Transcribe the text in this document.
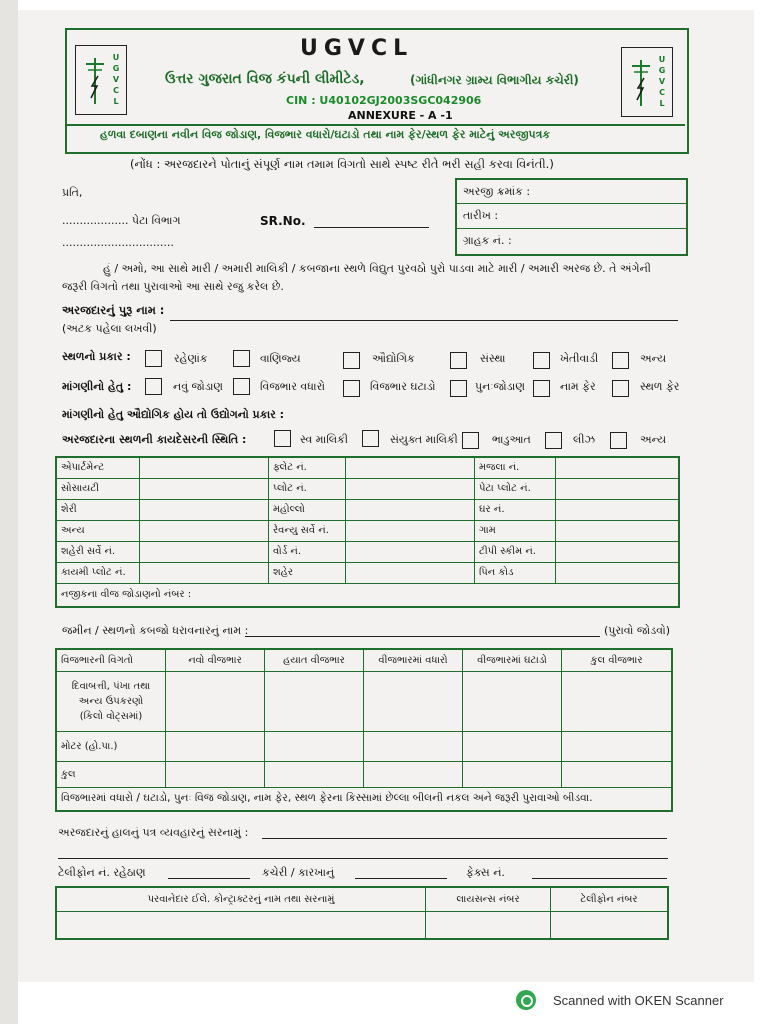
U
G
V
C
L
U
G
V
C
L
UGVCL
ઉત્તર ગુજરાત વિજ કંપની લીમીટેડ,	(ગાંધીનગર ગ્રામ્ય વિભાગીય કચેરી)
CIN : U40102GJ2003SGC042906
ANNEXURE - A -1
હળવા દબાણના નવીન વિજ જોડાણ, વિજભાર વધારો/ઘટાડો તથા નામ ફેર/સ્થળ ફેર માટેનું અરજીપત્રક
(નોંધ : અરજદારને પોતાનું સંપૂર્ણ નામ તમામ વિગતો સાથે સ્પષ્ટ રીતે ભરી સહી કરવા વિનંતી.)
પ્રતિ,
................... પેટા વિભાગ	SR.No.
................................
અરજી ક્રમાંક :
તારીખ :
ગ્રાહક નં. :
હું / અમો, આ સાથે મારી / અમારી માલિકી / કબજાના સ્થળે વિદ્યુત પુરવઠો પુરો પાડવા માટે મારી / અમારી અરજ છે. તે અંગેની
જરૂરી વિગતો તથા પુરાવાઓ આ સાથે રજુ કરેલ છે.
અરજદારનું પુરૂ નામ :
(અટક પહેલા લખવી)
સ્થળનો પ્રકાર :	રહેણાંક	વાણિજ્ય	ઔદ્યોગિક	સંસ્થા	ખેતીવાડી	અન્ય
માંગણીનો હેતુ :	નવું જોડાણ	વિજભાર વધારો	વિજભાર ઘટાડો	પુનઃજોડાણ	નામ ફેર	સ્થળ ફેર
માંગણીનો હેતુ ઔદ્યોગિક હોય તો ઉદ્યોગનો પ્રકાર :
અરજદારના સ્થળની કાયદેસરની સ્થિતિ :	સ્વ માલિકી	સંયુક્ત માલિકી	ભાડુઆત	લીઝ	અન્ય
એપાર્ટમેન્ટ		ફ્લેટ નં.		મજલા નં.	
સોસાયટી		પ્લોટ નં.		પેટા પ્લોટ નં.	
શેરી		મહોલ્લો		ઘર નં.	
અન્ય		રેવન્યુ સર્વે નં.		ગામ	
શહેરી સર્વે નં.		વોર્ડ નં.		ટીપી સ્કીમ નં.	
કાયમી પ્લોટ નં.		શહેર		પિન કોડ	
નજીકના વીજ જોડાણનો નંબર :					
જમીન / સ્થળનો કબજો ધરાવનારનું નામ :	(પુરાવો જોડવો)
વિજભારની વિગતો	નવો વીજભાર	હયાત વીજભાર	વીજભારમાં વધારો	વીજભારમાં ઘટાડો	કુલ વીજભાર

દિવાબત્તી, પંખા તથા
અન્ય ઉપકરણો
(કિલો વોટ્સમાં)					

મોટર (હો.પા.)					
કુલ					
વિજભારમાં વધારો / ઘટાડો, પુનઃ વિજ જોડાણ, નામ ફેર, સ્થળ ફેરના કિસ્સામાં છેલ્લા બીલની નકલ અને જરૂરી પુરાવાઓ બીડવા.					
અરજદારનું હાલનું પત્ર વ્યવહારનું સરનામું :
ટેલીફોન નં. રહેઠાણ	કચેરી / કારખાનું	ફેક્સ નં.
પરવાનેદાર ઈલે. કોન્ટ્રાક્ટરનું નામ તથા સરનામું	લાયસન્સ નંબર	ટેલીફોન નંબર

Scanned with OKEN Scanner
